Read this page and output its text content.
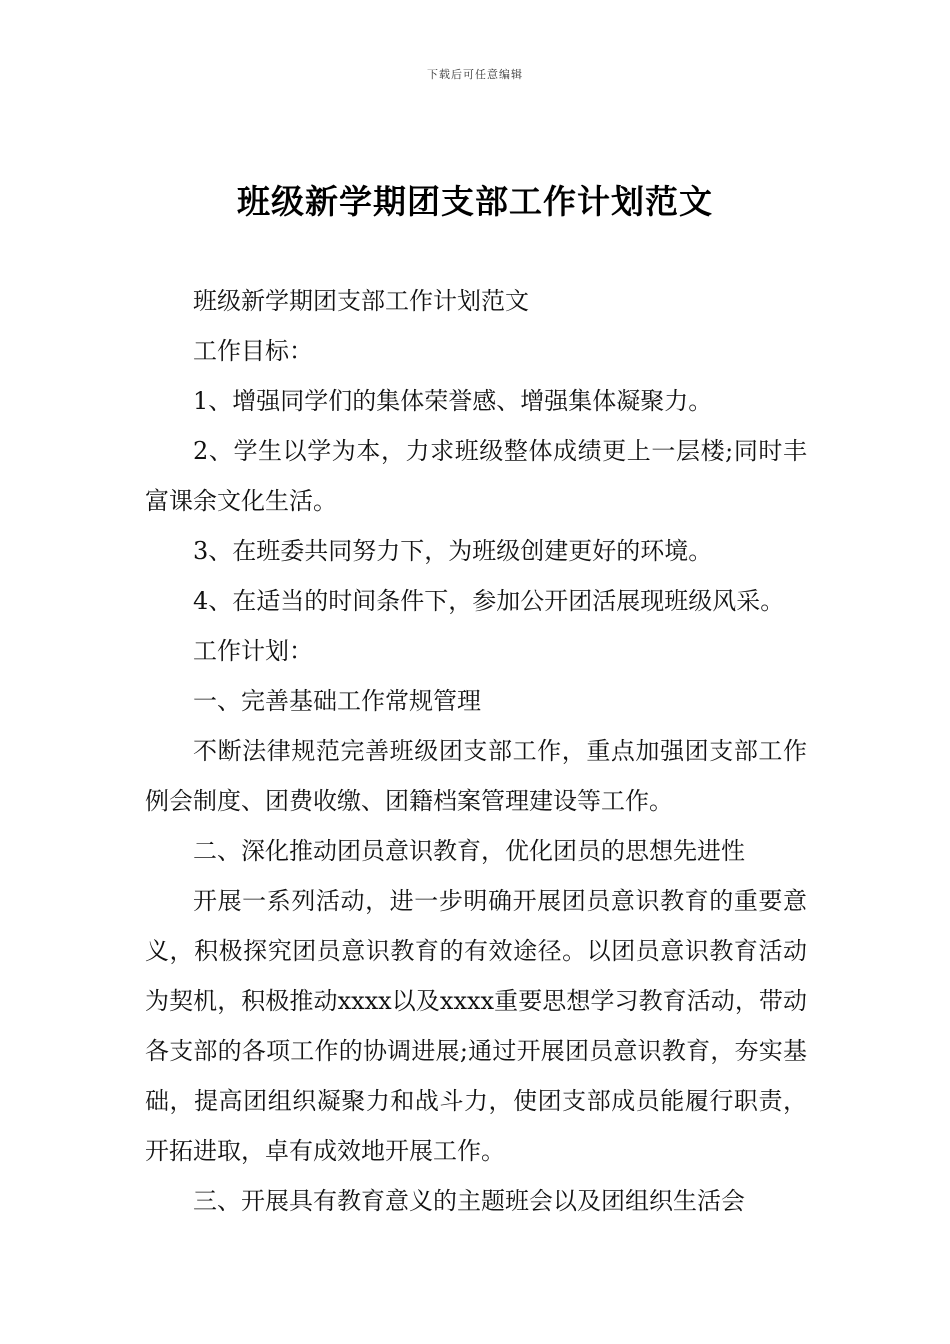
下载后可任意编辑
班级新学期团支部工作计划范文

班级新学期团支部工作计划范文

工作目标：

1、增强同学们的集体荣誉感、增强集体凝聚力。

2、学生以学为本，力求班级整体成绩更上一层楼;同时丰富课余文化生活。

3、在班委共同努力下，为班级创建更好的环境。

4、在适当的时间条件下，参加公开团活展现班级风采。

工作计划：

一、完善基础工作常规管理

不断法律规范完善班级团支部工作，重点加强团支部工作例会制度、团费收缴、团籍档案管理建设等工作。

二、深化推动团员意识教育，优化团员的思想先进性

开展一系列活动，进一步明确开展团员意识教育的重要意义，积极探究团员意识教育的有效途径。以团员意识教育活动为契机，积极推动xxxx以及xxxx重要思想学习教育活动，带动各支部的各项工作的协调进展;通过开展团员意识教育，夯实基础，提高团组织凝聚力和战斗力，使团支部成员能履行职责，开拓进取，卓有成效地开展工作。

三、开展具有教育意义的主题班会以及团组织生活会
